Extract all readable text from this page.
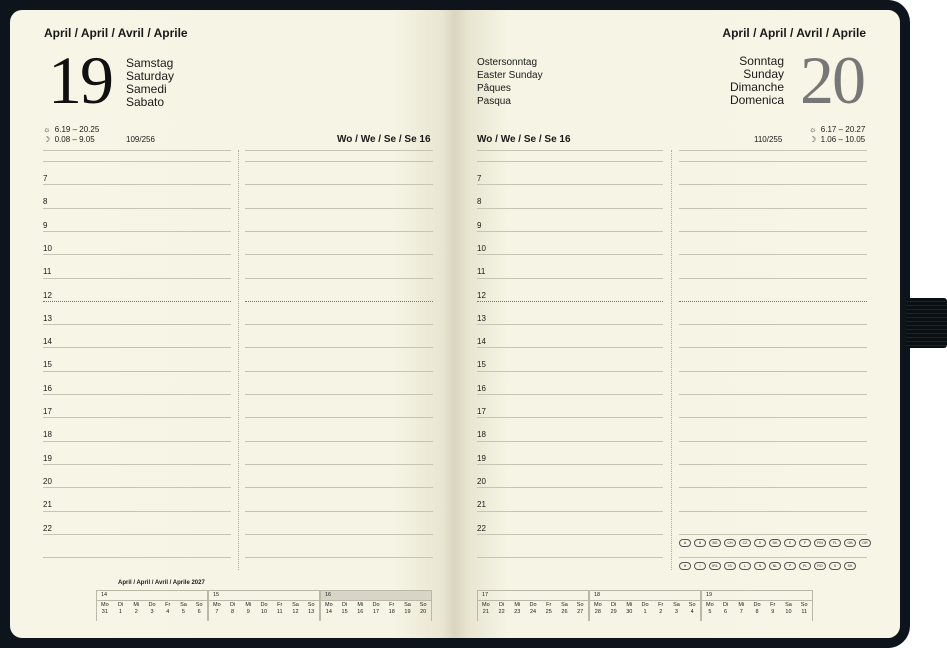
April / April / Avril / Aprile
19 Samstag
Saturday
Samedi
Sabato
☼ 6.19 – 20.25
☽ 0.08 – 9.05	109/256	Wo / We / Se / Se 16
7
8
9
10
11
12
13
14
15
16
17
18
19
20
21
22
April / April / Avril / Aprile 2027
14
Mo	Di	Mi	Do	Fr	Sa	So
31	1	2	3	4	5	6
15
Mo	Di	Mi	Do	Fr	Sa	So
7	8	9	10	11	12	13
16
Mo	Di	Mi	Do	Fr	Sa	So
14	15	16	17	18	19	20
April / April / Avril / Aprile
20
Sonntag
Sunday
Dimanche
Domenica
Ostersonntag
Easter Sunday
Pâques
Pasqua
☼ 6.17 – 20.27
☽ 1.06 – 10.05
110/255
Wo / We / Se / Se 16
7
8
9
10
11
12
13
14
15
16
17
18
19
20
21
22
17
Mo	Di	Mi	Do	Fr	Sa	So
21	22	23	24	25	26	27
18
Mo	Di	Mi	Do	Fr	Sa	So
28	29	30	1	2	3	4
19
Mo	Di	Mi	Do	Fr	Sa	So
5	6	7	8	9	10	11
A	B	BG	CH	CZ	D	DK	E	F	FIN	FL	GB	GR
H	I	IRL	IS	L	N	NL	P	PL	RO	S	SK
